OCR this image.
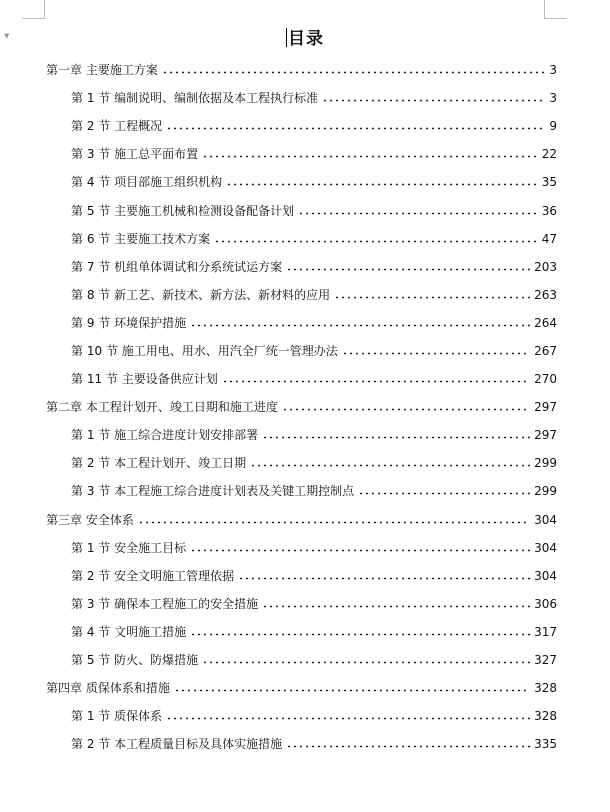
▼	目录
第一章 主要施工方案	3
第 1 节 编制说明、编制依据及本工程执行标准	3
第 2 节 工程概况	9
第 3 节 施工总平面布置	22
第 4 节 项目部施工组织机构	35
第 5 节 主要施工机械和检测设备配备计划	36
第 6 节 主要施工技术方案	47
第 7 节 机组单体调试和分系统试运方案	203
第 8 节 新工艺、新技术、新方法、新材料的应用	263
第 9 节 环境保护措施	264
第 10 节 施工用电、用水、用汽全厂统一管理办法	267
第 11 节 主要设备供应计划	270
第二章 本工程计划开、竣工日期和施工进度	297
第 1 节 施工综合进度计划安排部署	297
第 2 节 本工程计划开、竣工日期	299
第 3 节 本工程施工综合进度计划表及关键工期控制点	299
第三章 安全体系	304
第 1 节 安全施工目标	304
第 2 节 安全文明施工管理依据	304
第 3 节 确保本工程施工的安全措施	306
第 4 节 文明施工措施	317
第 5 节 防火、防爆措施	327
第四章 质保体系和措施	328
第 1 节 质保体系	328
第 2 节 本工程质量目标及具体实施措施	335
